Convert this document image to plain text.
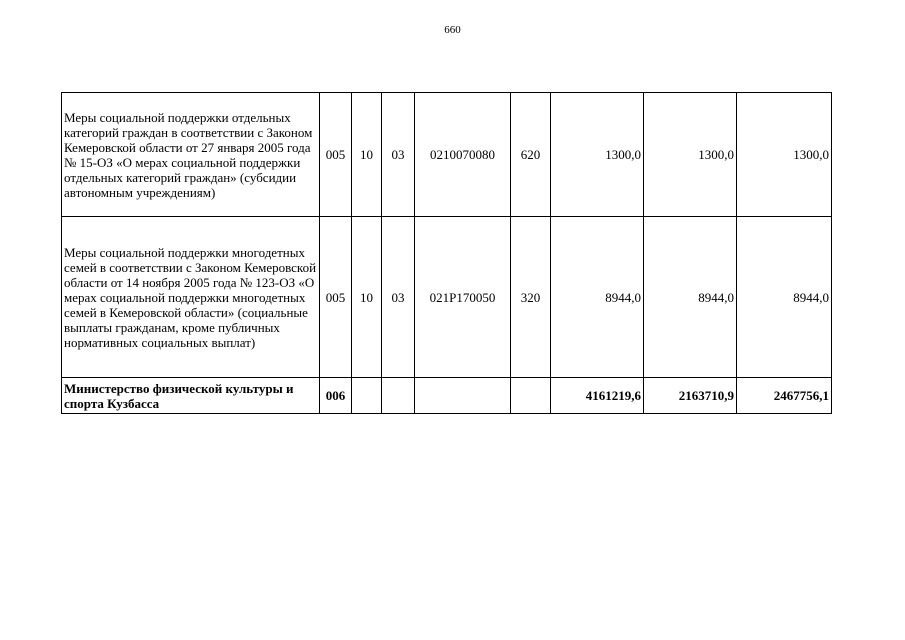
660
Меры социальной поддержки отдельных категорий граждан в соответствии с Законом Кемеровской области от 27 января 2005 года № 15-ОЗ «О мерах социальной поддержки отдельных категорий граждан» (субсидии автономным учреждениям)	005	10	03	0210070080	620	1300,0	1300,0	1300,0
Меры социальной поддержки многодетных семей в соответствии с Законом Кемеровской области от 14 ноября 2005 года № 123-ОЗ «О мерах социальной поддержки многодетных семей в Кемеровской области» (социальные выплаты гражданам, кроме публичных нормативных социальных выплат)	005	10	03	021P170050	320	8944,0	8944,0	8944,0
Министерство физической культуры и спорта Кузбасса	006					4161219,6	2163710,9	2467756,1
